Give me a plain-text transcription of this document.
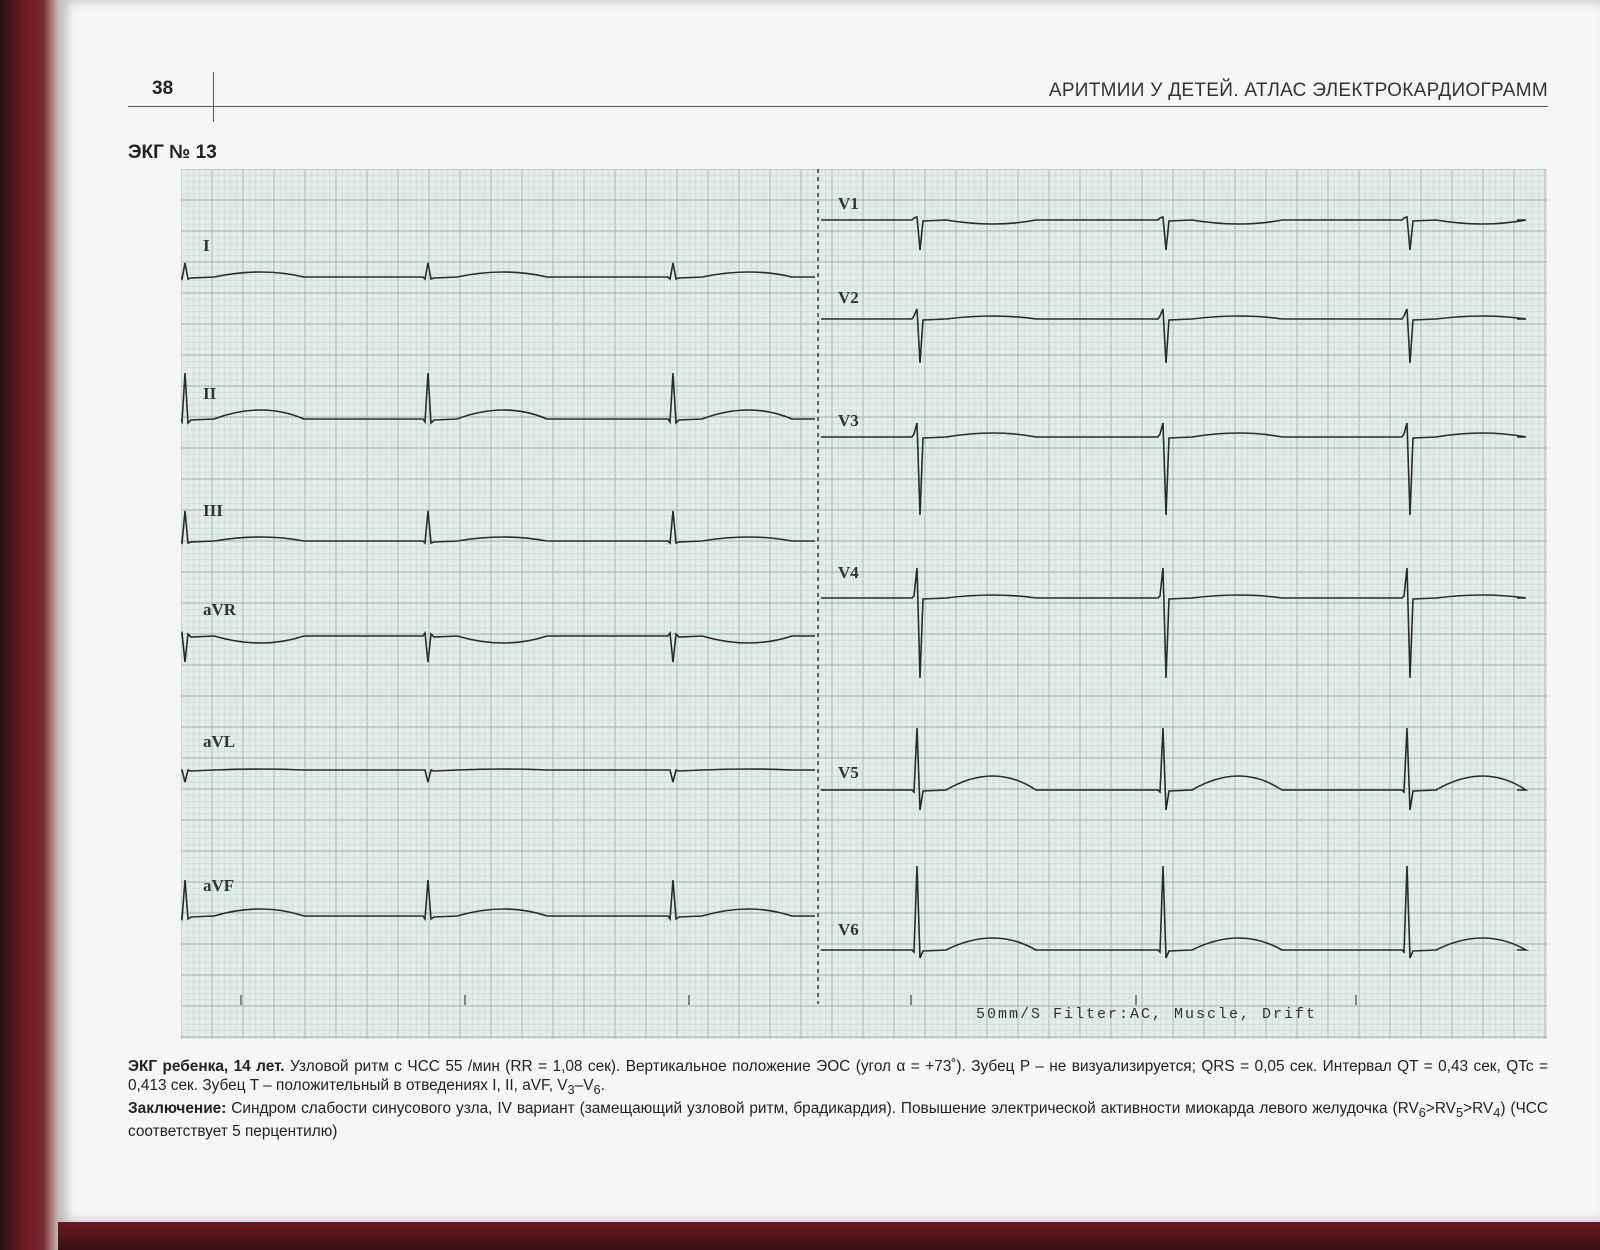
38	АРИТМИИ У ДЕТЕЙ. АТЛАС ЭЛЕКТРОКАРДИОГРАММ
ЭКГ № 13
I
II
III
aVR
aVL
aVF
V1
V2
V3
V4
V5
V6
50mm/S Filter:AC, Muscle, Drift

ЭКГ ребенка, 14 лет. Узловой ритм с ЧСС 55 /мин (RR = 1,08 сек). Вертикальное положение ЭОС (угол α = +73˚). Зубец P – не визуализируется; QRS = 0,05 сек. Интервал QT = 0,43 сек, QTc = 0,413 сек. Зубец T – положительный в отведениях I, II, aVF, $V_3-V_6$.

Заключение: Синдром слабости синусового узла, IV вариант (замещающий узловой ритм, брадикардия). Повышение электрической активности миокарда левого желудочка $(RV_6>RV_5>RV_4)$ (ЧСС соответствует 5 перцентилю)
